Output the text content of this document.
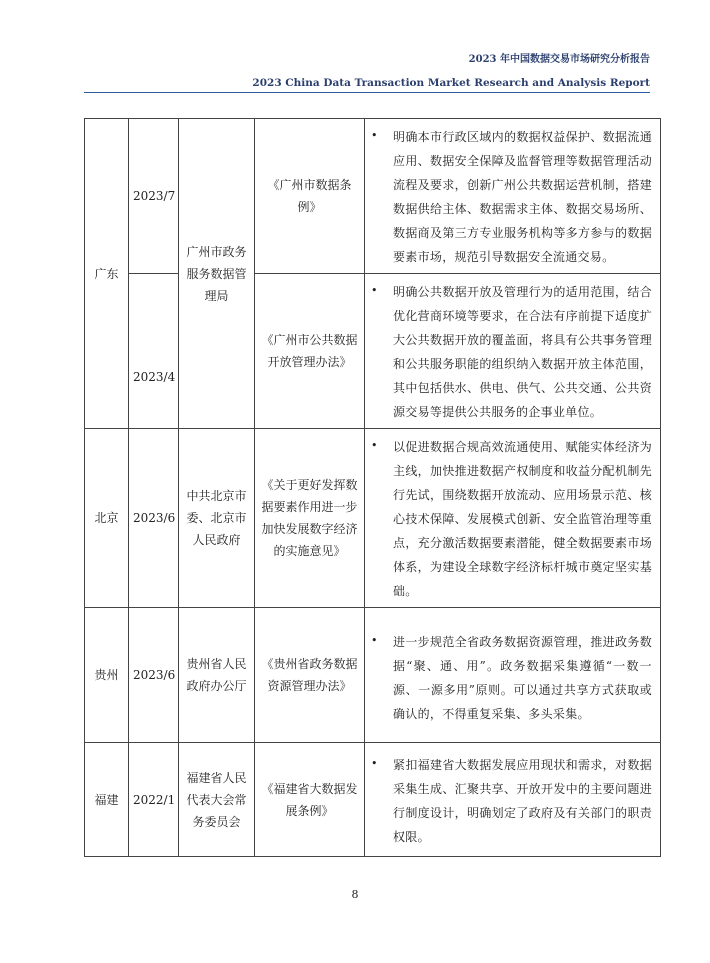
2023 年中国数据交易市场研究分析报告
2023 China Data Transaction Market Research and Analysis Report
广东	2023/7	广州市政务服务数据管理局	《广州市数据条例》	• 明确本市行政区域内的数据权益保护、数据流通应用、数据安全保障及监督管理等数据管理活动流程及要求，创新广州公共数据运营机制，搭建数据供给主体、数据需求主体、数据交易场所、数据商及第三方专业服务机构等多方参与的数据要素市场，规范引导数据安全流通交易。

	2023/4		《广州市公共数据开放管理办法》	• 明确公共数据开放及管理行为的适用范围，结合优化营商环境等要求，在合法有序前提下适度扩大公共数据开放的覆盖面，将具有公共事务管理和公共服务职能的组织纳入数据开放主体范围，其中包括供水、供电、供气、公共交通、公共资源交易等提供公共服务的企事业单位。

北京	2023/6	中共北京市委、北京市人民政府	《关于更好发挥数据要素作用进一步加快发展数字经济的实施意见》	• 以促进数据合规高效流通使用、赋能实体经济为主线，加快推进数据产权制度和收益分配机制先行先试，围绕数据开放流动、应用场景示范、核心技术保障、发展模式创新、安全监管治理等重点，充分激活数据要素潜能，健全数据要素市场体系，为建设全球数字经济标杆城市奠定坚实基础。

贵州	2023/6	贵州省人民政府办公厅	《贵州省政务数据资源管理办法》	• 进一步规范全省政务数据资源管理，推进政务数据“聚、通、用”。政务数据采集遵循“一数一源、一源多用”原则。可以通过共享方式获取或确认的，不得重复采集、多头采集。

福建	2022/1	福建省人民代表大会常务委员会	《福建省大数据发展条例》	• 紧扣福建省大数据发展应用现状和需求，对数据采集生成、汇聚共享、开放开发中的主要问题进行制度设计，明确划定了政府及有关部门的职责权限。
8
